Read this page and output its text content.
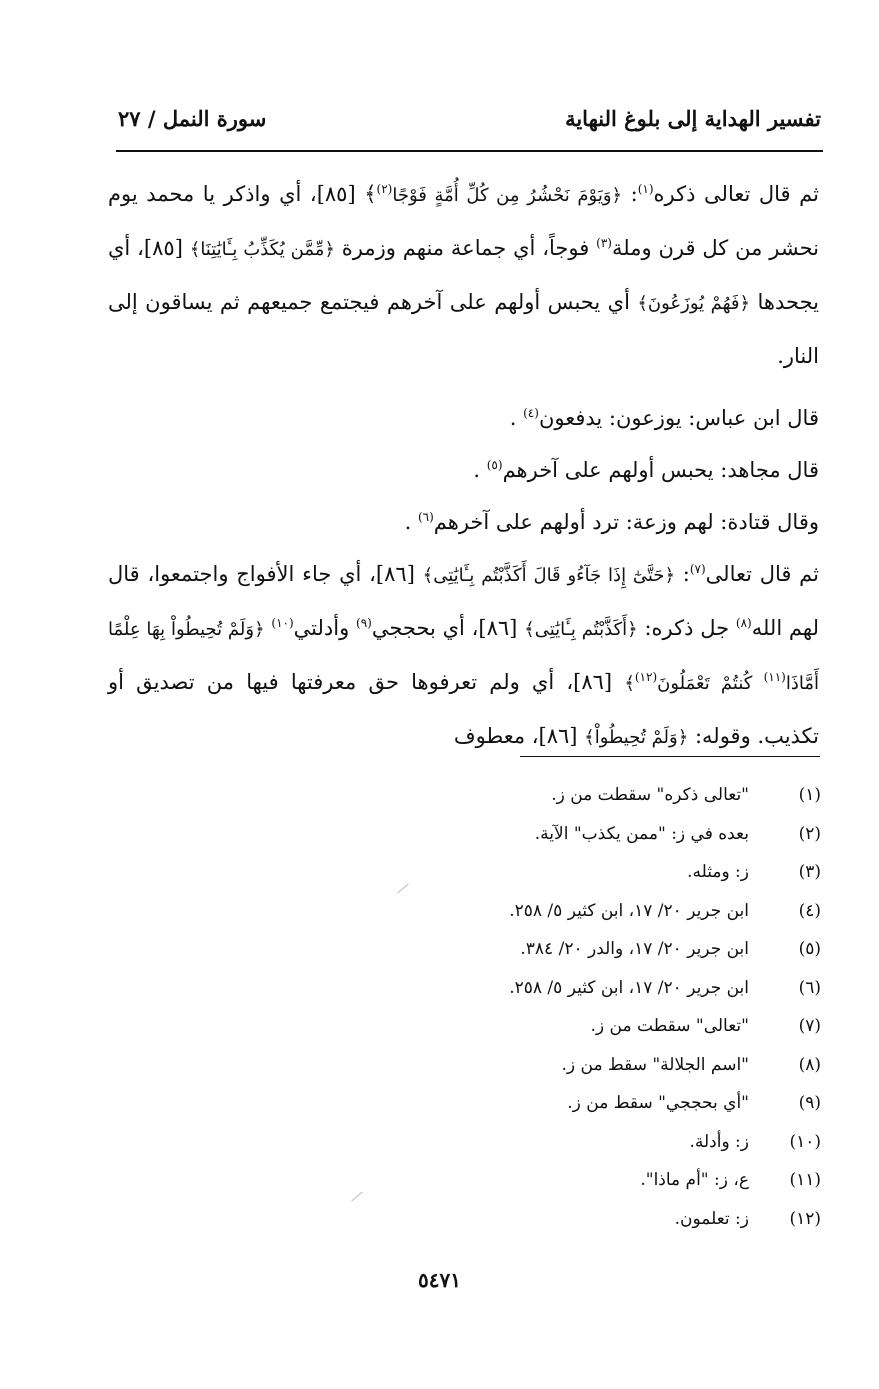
تفسير الهداية إلى بلوغ النهاية
سورة النمل / ٢٧

ثم قال تعالى ذكره$^{(١)}$: ﴿وَيَوْمَ نَحْشُرُ مِن كُلِّ أُمَّةٍ فَوْجًا$^{(٢)}$﴾ [٨٥]، أي واذكر يا محمد يوم نحشر من كل قرن وملة$^{(٣)}$ فوجاً، أي جماعة منهم وزمرة ﴿مِّمَّن يُكَذِّبُ بِـَٔايَٰتِنَا﴾ [٨٥]، أي يجحدها ﴿فَهُمْ يُوزَعُونَ﴾ أي يحبس أولهم على آخرهم فيجتمع جميعهم ثم يساقون إلى النار.

قال ابن عباس: يوزعون: يدفعون$^{(٤)}$ .

قال مجاهد: يحبس أولهم على آخرهم$^{(٥)}$ .

وقال قتادة: لهم وزعة: ترد أولهم على آخرهم$^{(٦)}$ .

ثم قال تعالى$^{(٧)}$: ﴿حَتَّىٰٓ إِذَا جَآءُو قَالَ أَكَذَّبْتُم بِـَٔايَٰتِى﴾ [٨٦]، أي جاء الأفواج واجتمعوا، قال لهم الله$^{(٨)}$ جل ذكره: ﴿أَكَذَّبْتُم بِـَٔايَٰتِى﴾ [٨٦]، أي بحججي$^{(٩)}$ وأدلتي$^{(١٠)}$ ﴿وَلَمْ تُحِيطُواْ بِهَا عِلْمًا أَمَّاذَا$^{(١١)}$ كُنتُمْ تَعْمَلُونَ$^{(١٢)}$﴾ [٨٦]، أي ولم تعرفوها حق معرفتها فيها من تصديق أو تكذيب. وقوله: ﴿وَلَمْ تُحِيطُواْ﴾ [٨٦]، معطوف

(١)
"تعالى ذكره" سقطت من ز.
(٢)
بعده في ز: "ممن يكذب" الآية.
(٣)
ز: ومثله.
(٤)
ابن جرير ٢٠/ ١٧، ابن كثير ٥/ ٢٥٨.
(٥)
ابن جرير ٢٠/ ١٧، والدر ٢٠/ ٣٨٤.
(٦)
ابن جرير ٢٠/ ١٧، ابن كثير ٥/ ٢٥٨.
(٧)
"تعالى" سقطت من ز.
(٨)
"اسم الجلالة" سقط من ز.
(٩)
"أي بحججي" سقط من ز.
(١٠)
ز: وأدلة.
(١١)
ع، ز: "أم ماذا".
(١٢)
ز: تعلمون.
٥٤٧١
